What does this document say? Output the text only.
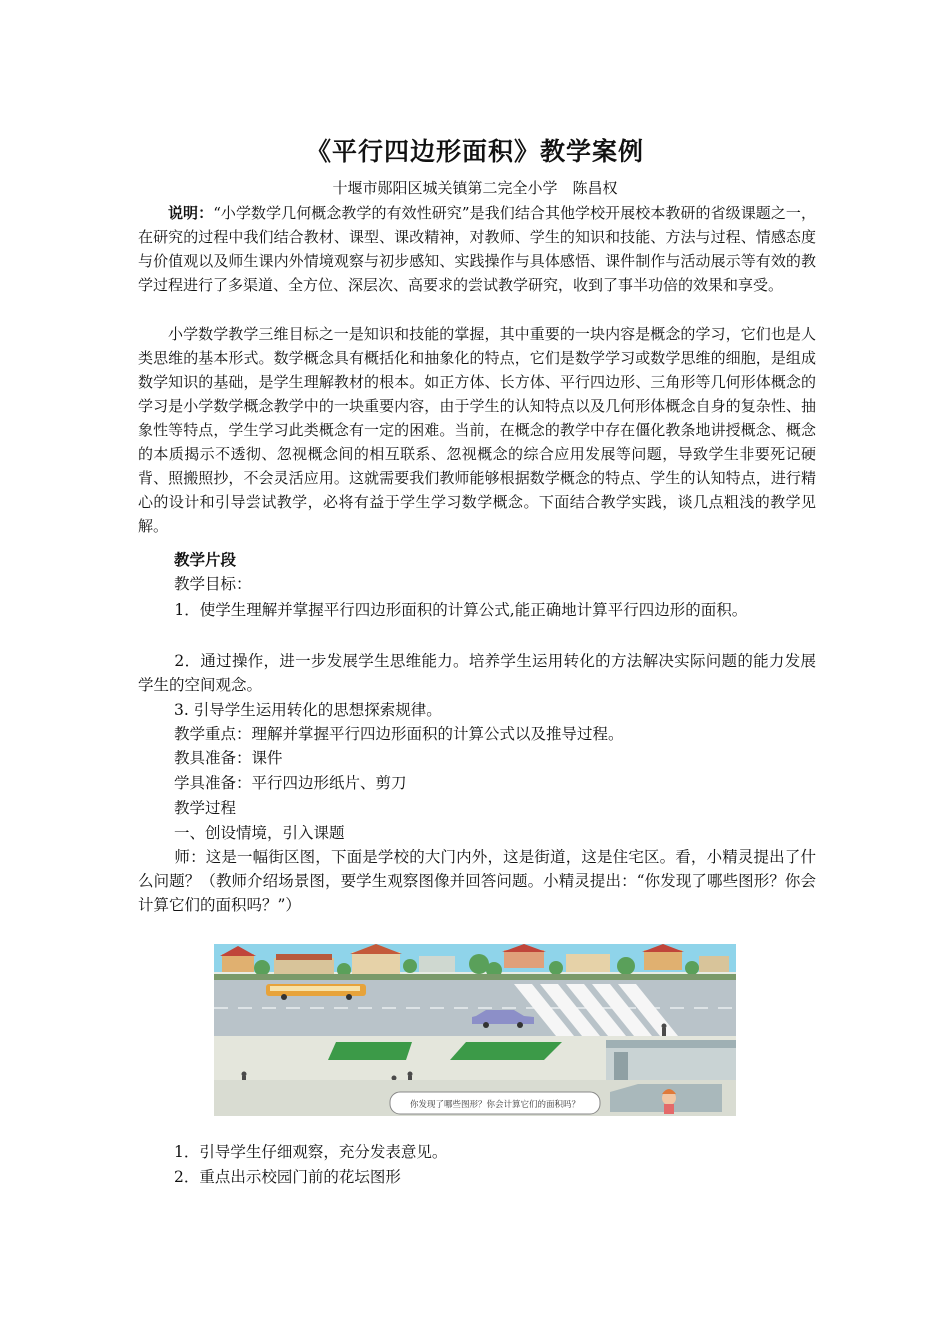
《平行四边形面积》教学案例
十堰市郧阳区城关镇第二完全小学　陈昌权

说明：“小学数学几何概念教学的有效性研究”是我们结合其他学校开展校本教研的省级课题之一，在研究的过程中我们结合教材、课型、课改精神，对教师、学生的知识和技能、方法与过程、情感态度与价值观以及师生课内外情境观察与初步感知、实践操作与具体感悟、课件制作与活动展示等有效的教学过程进行了多渠道、全方位、深层次、高要求的尝试教学研究，收到了事半功倍的效果和享受。

小学数学教学三维目标之一是知识和技能的掌握，其中重要的一块内容是概念的学习，它们也是人类思维的基本形式。数学概念具有概括化和抽象化的特点，它们是数学学习或数学思维的细胞，是组成数学知识的基础，是学生理解教材的根本。如正方体、长方体、平行四边形、三角形等几何形体概念的学习是小学数学概念教学中的一块重要内容，由于学生的认知特点以及几何形体概念自身的复杂性、抽象性等特点，学生学习此类概念有一定的困难。当前，在概念的教学中存在僵化教条地讲授概念、概念的本质揭示不透彻、忽视概念间的相互联系、忽视概念的综合应用发展等问题，导致学生非要死记硬背、照搬照抄，不会灵活应用。这就需要我们教师能够根据数学概念的特点、学生的认知特点，进行精心的设计和引导尝试教学，必将有益于学生学习数学概念。下面结合教学实践，谈几点粗浅的教学见解。

教学片段

教学目标：

1．使学生理解并掌握平行四边形面积的计算公式,能正确地计算平行四边形的面积。

2．通过操作，进一步发展学生思维能力。培养学生运用转化的方法解决实际问题的能力发展学生的空间观念。

3. 引导学生运用转化的思想探索规律。

教学重点：理解并掌握平行四边形面积的计算公式以及推导过程。

教具准备：课件

学具准备：平行四边形纸片、剪刀

教学过程

一、创设情境，引入课题

师：这是一幅街区图，下面是学校的大门内外，这是街道，这是住宅区。看，小精灵提出了什么问题？（教师介绍场景图，要学生观察图像并回答问题。小精灵提出：“你发现了哪些图形？你会计算它们的面积吗？”）

你发现了哪些图形？你会计算它们的面积吗？

1．引导学生仔细观察，充分发表意见。

2．重点出示校园门前的花坛图形
